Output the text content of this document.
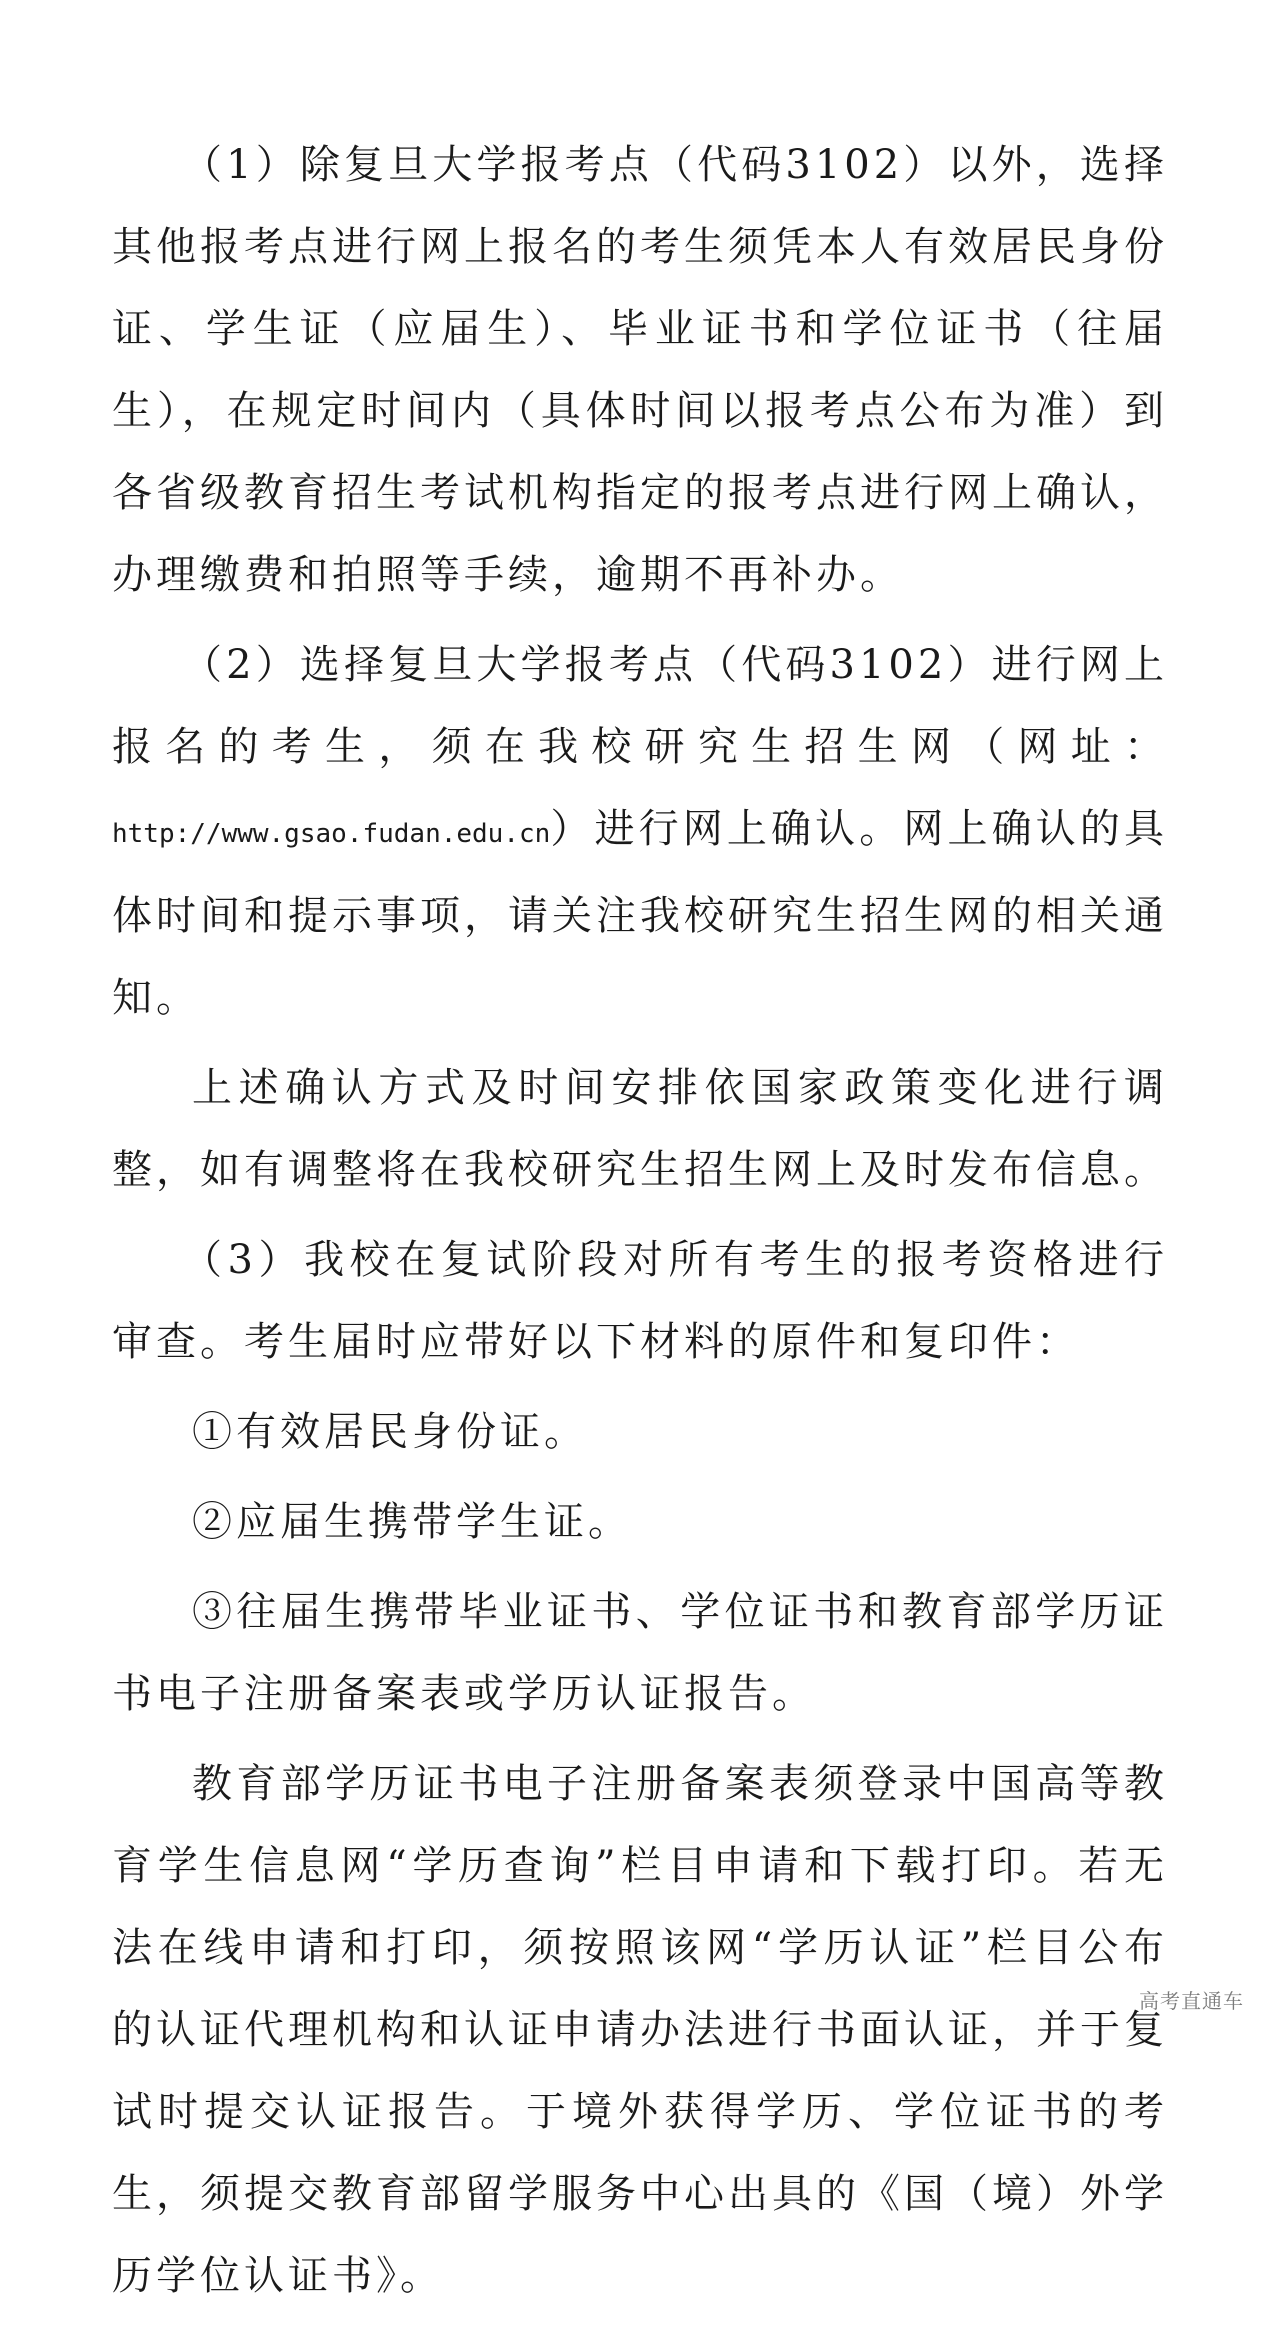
（1）除复旦大学报考点（代码3102）以外，选择其他报考点进行网上报名的考生须凭本人有效居民身份证、学生证（应届生）、毕业证书和学位证书（往届生），在规定时间内（具体时间以报考点公布为准）到各省级教育招生考试机构指定的报考点进行网上确认，办理缴费和拍照等手续，逾期不再补办。

（2）选择复旦大学报考点（代码3102）进行网上报名的考生，须在我校研究生招生网（网址：http://www.gsao.fudan.edu.cn）进行网上确认。网上确认的具体时间和提示事项，请关注我校研究生招生网的相关通知。

上述确认方式及时间安排依国家政策变化进行调整，如有调整将在我校研究生招生网上及时发布信息。

（3）我校在复试阶段对所有考生的报考资格进行审查。考生届时应带好以下材料的原件和复印件：

①有效居民身份证。

②应届生携带学生证。

③往届生携带毕业证书、学位证书和教育部学历证书电子注册备案表或学历认证报告。

教育部学历证书电子注册备案表须登录中国高等教育学生信息网“学历查询”栏目申请和下载打印。若无法在线申请和打印，须按照该网“学历认证”栏目公布的认证代理机构和认证申请办法进行书面认证，并于复试时提交认证报告。于境外获得学历、学位证书的考生，须提交教育部留学服务中心出具的《国（境）外学历学位认证书》。

高考直通车
